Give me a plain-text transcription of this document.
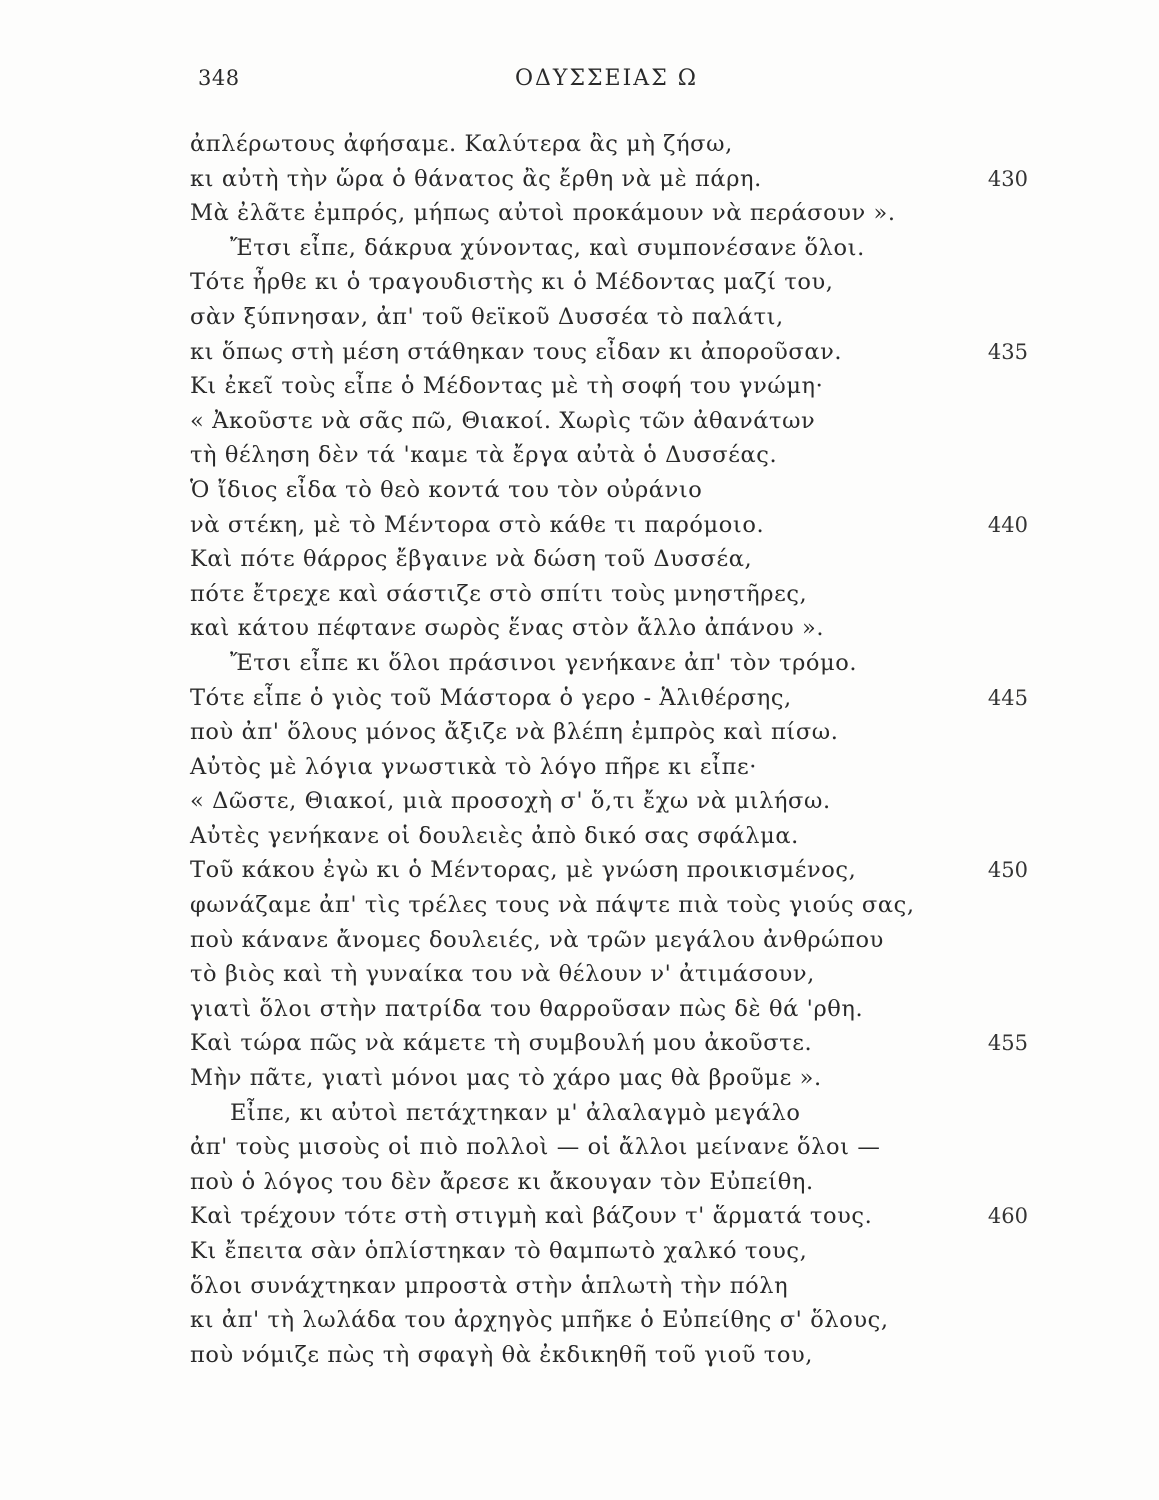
348	ΟΔΥΣΣΕΙΑΣ Ω
ἀπλέρωτους ἀφήσαμε. Καλύτερα ἂς μὴ ζήσω,
κι αὐτὴ τὴν ὥρα ὁ θάνατος ἂς ἔρθη νὰ μὲ πάρη.	430
Μὰ ἐλᾶτε ἐμπρός, μήπως αὐτοὶ προκάμουν νὰ περάσουν ».
Ἔτσι εἶπε, δάκρυα χύνοντας, καὶ συμπονέσανε ὅλοι.
Τότε ἦρθε κι ὁ τραγουδιστὴς κι ὁ Μέδοντας μαζί του,
σὰν ξύπνησαν, ἀπ' τοῦ θεϊκοῦ Δυσσέα τὸ παλάτι,
κι ὅπως στὴ μέση στάθηκαν τους εἶδαν κι ἀποροῦσαν.	435
Κι ἐκεῖ τοὺς εἶπε ὁ Μέδοντας μὲ τὴ σοφή του γνώμη·
« Ἀκοῦστε νὰ σᾶς πῶ, Θιακοί. Χωρὶς τῶν ἀθανάτων
τὴ θέληση δὲν τά 'καμε τὰ ἔργα αὐτὰ ὁ Δυσσέας.
Ὁ ἴδιος εἶδα τὸ θεὸ κοντά του τὸν οὐράνιο
νὰ στέκη, μὲ τὸ Μέντορα στὸ κάθε τι παρόμοιο.	440
Καὶ πότε θάρρος ἔβγαινε νὰ δώση τοῦ Δυσσέα,
πότε ἔτρεχε καὶ σάστιζε στὸ σπίτι τοὺς μνηστῆρες,
καὶ κάτου πέφτανε σωρὸς ἕνας στὸν ἄλλο ἀπάνου ».
Ἔτσι εἶπε κι ὅλοι πράσινοι γενήκανε ἀπ' τὸν τρόμο.
Τότε εἶπε ὁ γιὸς τοῦ Μάστορα ὁ γερο - Ἁλιθέρσης,	445
ποὺ ἀπ' ὅλους μόνος ἄξιζε νὰ βλέπη ἐμπρὸς καὶ πίσω.
Αὐτὸς μὲ λόγια γνωστικὰ τὸ λόγο πῆρε κι εἶπε·
« Δῶστε, Θιακοί, μιὰ προσοχὴ σ' ὅ,τι ἔχω νὰ μιλήσω.
Αὐτὲς γενήκανε οἱ δουλειὲς ἀπὸ δικό σας σφάλμα.
Τοῦ κάκου ἐγὼ κι ὁ Μέντορας, μὲ γνώση προικισμένος,	450
φωνάζαμε ἀπ' τὶς τρέλες τους νὰ πάψτε πιὰ τοὺς γιούς σας,
ποὺ κάνανε ἄνομες δουλειές, νὰ τρῶν μεγάλου ἀνθρώπου
τὸ βιὸς καὶ τὴ γυναίκα του νὰ θέλουν ν' ἀτιμάσουν,
γιατὶ ὅλοι στὴν πατρίδα του θαρροῦσαν πὼς δὲ θά 'ρθη.
Καὶ τώρα πῶς νὰ κάμετε τὴ συμβουλή μου ἀκοῦστε.	455
Μὴν πᾶτε, γιατὶ μόνοι μας τὸ χάρο μας θὰ βροῦμε ».
Εἶπε, κι αὐτοὶ πετάχτηκαν μ' ἀλαλαγμὸ μεγάλο
ἀπ' τοὺς μισοὺς οἱ πιὸ πολλοὶ — οἱ ἄλλοι μείνανε ὅλοι —
ποὺ ὁ λόγος του δὲν ἄρεσε κι ἄκουγαν τὸν Εὐπείθη.
Καὶ τρέχουν τότε στὴ στιγμὴ καὶ βάζουν τ' ἅρματά τους.	460
Κι ἔπειτα σὰν ὁπλίστηκαν τὸ θαμπωτὸ χαλκό τους,
ὅλοι συνάχτηκαν μπροστὰ στὴν ἁπλωτὴ τὴν πόλη
κι ἀπ' τὴ λωλάδα του ἀρχηγὸς μπῆκε ὁ Εὐπείθης σ' ὅλους,
ποὺ νόμιζε πὼς τὴ σφαγὴ θὰ ἐκδικηθῆ τοῦ γιοῦ του,
